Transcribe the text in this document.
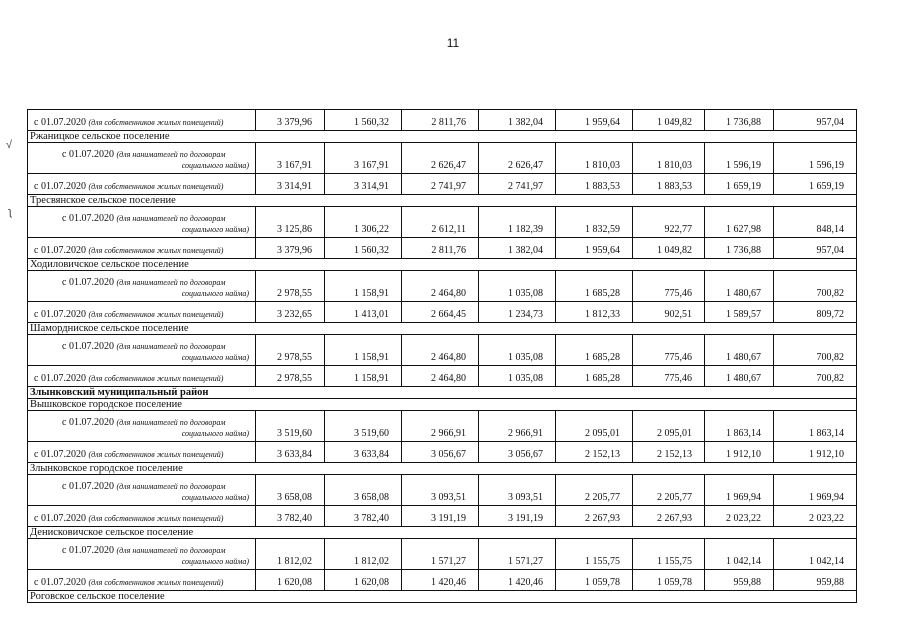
11
√
ʅ
с 01.07.2020 (для собственников жилых помещений)	3 379,96	1 560,32	2 811,76	1 382,04	1 959,64	1 049,82	1 736,88	957,04
Ржаницкое сельское поселение								

с 01.07.2020 (для нанимателей по договорам
социального найма)	3 167,91	3 167,91	2 626,47	2 626,47	1 810,03	1 810,03	1 596,19	1 596,19

с 01.07.2020 (для собственников жилых помещений)	3 314,91	3 314,91	2 741,97	2 741,97	1 883,53	1 883,53	1 659,19	1 659,19
Тресвянское сельское поселение								

с 01.07.2020 (для нанимателей по договорам
социального найма)	3 125,86	1 306,22	2 612,11	1 182,39	1 832,59	922,77	1 627,98	848,14

с 01.07.2020 (для собственников жилых помещений)	3 379,96	1 560,32	2 811,76	1 382,04	1 959,64	1 049,82	1 736,88	957,04
Ходиловичское сельское поселение								

с 01.07.2020 (для нанимателей по договорам
социального найма)	2 978,55	1 158,91	2 464,80	1 035,08	1 685,28	775,46	1 480,67	700,82

с 01.07.2020 (для собственников жилых помещений)	3 232,65	1 413,01	2 664,45	1 234,73	1 812,33	902,51	1 589,57	809,72
Шамордниское сельское поселение								

с 01.07.2020 (для нанимателей по договорам
социального найма)	2 978,55	1 158,91	2 464,80	1 035,08	1 685,28	775,46	1 480,67	700,82

с 01.07.2020 (для собственников жилых помещений)	2 978,55	1 158,91	2 464,80	1 035,08	1 685,28	775,46	1 480,67	700,82
Злынковский муниципальный район								
Вышковское городское поселение								

с 01.07.2020 (для нанимателей по договорам
социального найма)	3 519,60	3 519,60	2 966,91	2 966,91	2 095,01	2 095,01	1 863,14	1 863,14

с 01.07.2020 (для собственников жилых помещений)	3 633,84	3 633,84	3 056,67	3 056,67	2 152,13	2 152,13	1 912,10	1 912,10
Злынковское городское поселение								

с 01.07.2020 (для нанимателей по договорам
социального найма)	3 658,08	3 658,08	3 093,51	3 093,51	2 205,77	2 205,77	1 969,94	1 969,94

с 01.07.2020 (для собственников жилых помещений)	3 782,40	3 782,40	3 191,19	3 191,19	2 267,93	2 267,93	2 023,22	2 023,22
Денисковичское сельское поселение								

с 01.07.2020 (для нанимателей по договорам
социального найма)	1 812,02	1 812,02	1 571,27	1 571,27	1 155,75	1 155,75	1 042,14	1 042,14

с 01.07.2020 (для собственников жилых помещений)	1 620,08	1 620,08	1 420,46	1 420,46	1 059,78	1 059,78	959,88	959,88
Роговское сельское поселение								
